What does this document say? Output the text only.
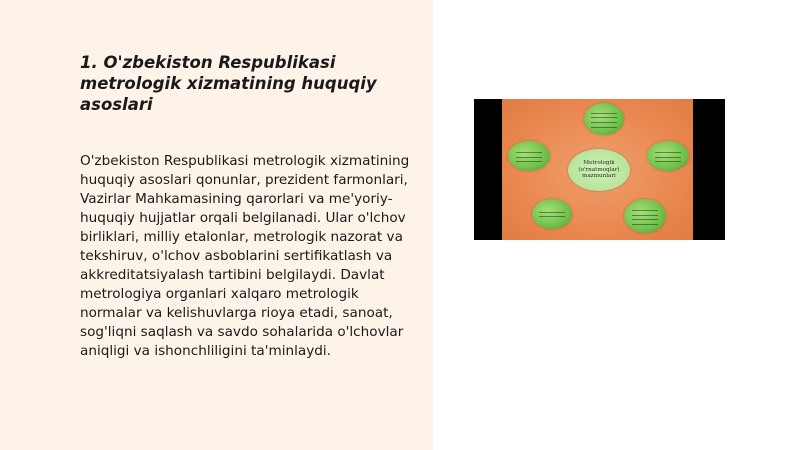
1. O'zbekiston Respublikasi metrologik xizmatining huquqiy asoslari

O'zbekiston Respublikasi metrologik xizmatining huquqiy asoslari qonunlar, prezident farmonlari, Vazirlar Mahkamasining qarorlari va me'yoriy-huquqiy hujjatlar orqali belgilanadi. Ular o'lchov birliklari, milliy etalonlar, metrologik nazorat va tekshiruv, o'lchov asboblarini sertifikatlash va akkreditatsiyalash tartibini belgilaydi. Davlat metrologiya organlari xalqaro metrologik normalar va kelishuvlarga rioya etadi, sanoat, sog'liqni saqlash va savdo sohalarida o'lchovlar aniqligi va ishonchliligini ta'minlaydi.

Metrologik (o'rnatmoqlar) mazmunlari
